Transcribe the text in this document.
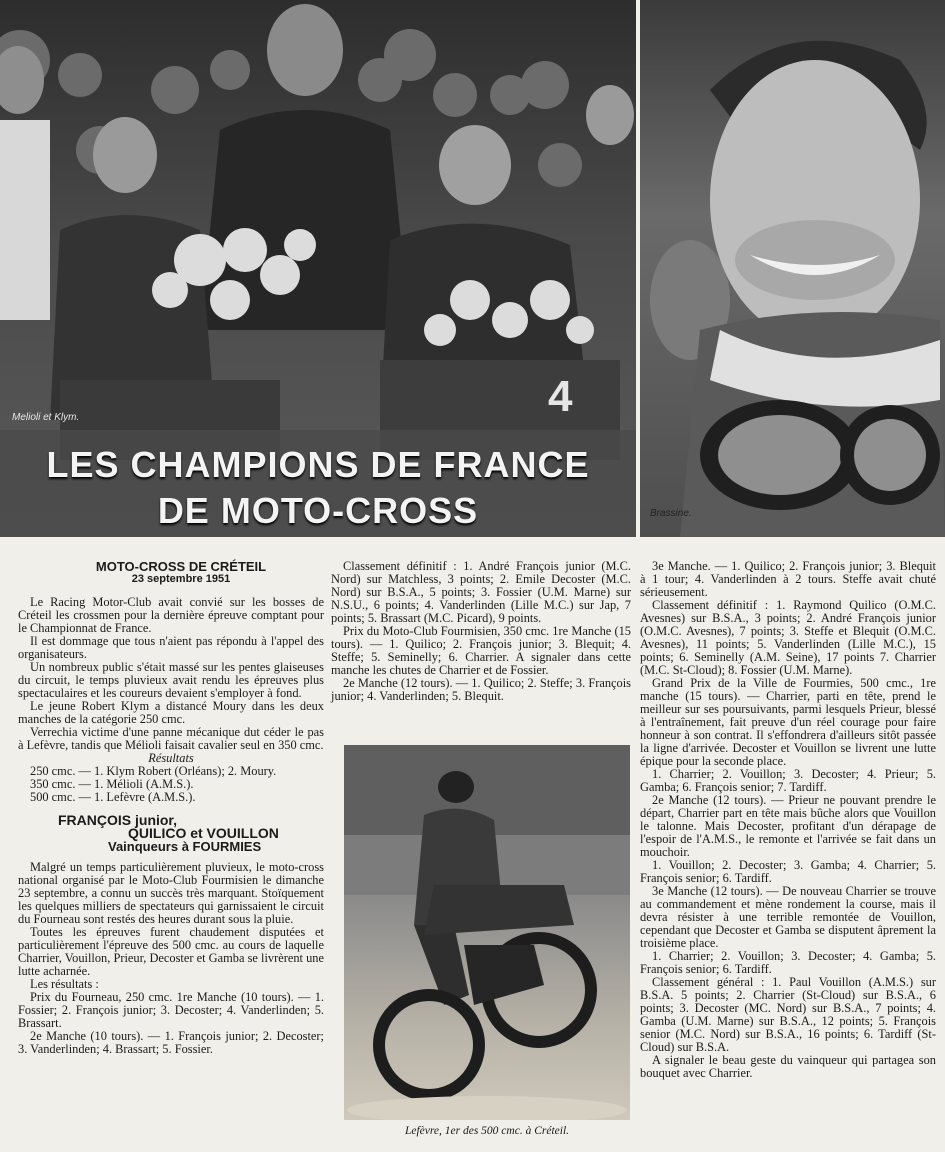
Melioli et Klym.	4
LES CHAMPIONS DE FRANCE
DE MOTO-CROSS	Brassine.
MOTO-CROSS DE CRÉTEIL
23 septembre 1951

Le Racing Motor-Club avait convié sur les bosses de Créteil les crossmen pour la dernière épreuve comptant pour le Championnat de France.

Il est dommage que tous n'aient pas répondu à l'appel des organisateurs.

Un nombreux public s'était massé sur les pentes glaiseuses du circuit, le temps pluvieux avait rendu les épreuves plus spectaculaires et les coureurs devaient s'employer à fond.

Le jeune Robert Klym a distancé Moury dans les deux manches de la catégorie 250 cmc.

Verrechia victime d'une panne mécanique dut céder le pas à Lefèvre, tandis que Mélioli faisait cavalier seul en 350 cmc.

Résultats

250 cmc. — 1. Klym Robert (Orléans); 2. Moury.

350 cmc. — 1. Mélioli (A.M.S.).

500 cmc. — 1. Lefèvre (A.M.S.).

FRANÇOIS junior,
QUILICO et VOUILLON
Vainqueurs à FOURMIES

Malgré un temps particulièrement pluvieux, le moto-cross national organisé par le Moto-Club Fourmisien le dimanche 23 septembre, a connu un succès très marquant. Stoïquement les quelques milliers de spectateurs qui garnissaient le circuit du Fourneau sont restés des heures durant sous la pluie.

Toutes les épreuves furent chaudement disputées et particulièrement l'épreuve des 500 cmc. au cours de laquelle Charrier, Vouillon, Prieur, Decoster et Gamba se livrèrent une lutte acharnée.

Les résultats :

Prix du Fourneau, 250 cmc. 1re Manche (10 tours). — 1. Fossier; 2. François junior; 3. Decoster; 4. Vanderlinden; 5. Brassart.

2e Manche (10 tours). — 1. François junior; 2. Decoster; 3. Vanderlinden; 4. Brassart; 5. Fossier.

Classement définitif : 1. André François junior (M.C. Nord) sur Matchless, 3 points; 2. Emile Decoster (M.C. Nord) sur B.S.A., 5 points; 3. Fossier (U.M. Marne) sur N.S.U., 6 points; 4. Vanderlinden (Lille M.C.) sur Jap, 7 points; 5. Brassart (M.C. Picard), 9 points.

Prix du Moto-Club Fourmisien, 350 cmc. 1re Manche (15 tours). — 1. Quilico; 2. François junior; 3. Blequit; 4. Steffe; 5. Seminelly; 6. Charrier. A signaler dans cette manche les chutes de Charrier et de Fossier.

2e Manche (12 tours). — 1. Quilico; 2. Steffe; 3. François junior; 4. Vanderlinden; 5. Blequit.

Lefèvre, 1er des 500 cmc. à Créteil.

3e Manche. — 1. Quilico; 2. François junior; 3. Blequit à 1 tour; 4. Vanderlinden à 2 tours. Steffe avait chuté sérieusement.

Classement définitif : 1. Raymond Quilico (O.M.C. Avesnes) sur B.S.A., 3 points; 2. André François junior (O.M.C. Avesnes), 7 points; 3. Steffe et Blequit (O.M.C. Avesnes), 11 points; 5. Vanderlinden (Lille M.C.), 15 points; 6. Seminelly (A.M. Seine), 17 points 7. Charrier (M.C. St-Cloud); 8. Fossier (U.M. Marne).

Grand Prix de la Ville de Fourmies, 500 cmc., 1re manche (15 tours). — Charrier, parti en tête, prend le meilleur sur ses poursuivants, parmi lesquels Prieur, blessé à l'entraînement, fait preuve d'un réel courage pour faire honneur à son contrat. Il s'effondrera d'ailleurs sitôt passée la ligne d'arrivée. Decoster et Vouillon se livrent une lutte épique pour la seconde place.

1. Charrier; 2. Vouillon; 3. Decoster; 4. Prieur; 5. Gamba; 6. François senior; 7. Tardiff.

2e Manche (12 tours). — Prieur ne pouvant prendre le départ, Charrier part en tête mais bûche alors que Vouillon le talonne. Mais Decoster, profitant d'un dérapage de l'espoir de l'A.M.S., le remonte et l'arrivée se fait dans un mouchoir.

1. Vouillon; 2. Decoster; 3. Gamba; 4. Charrier; 5. François senior; 6. Tardiff.

3e Manche (12 tours). — De nouveau Charrier se trouve au commandement et mène rondement la course, mais il devra résister à une terrible remontée de Vouillon, cependant que Decoster et Gamba se disputent âprement la troisième place.

1. Charrier; 2. Vouillon; 3. Decoster; 4. Gamba; 5. François senior; 6. Tardiff.

Classement général : 1. Paul Vouillon (A.M.S.) sur B.S.A. 5 points; 2. Charrier (St-Cloud) sur B.S.A., 6 points; 3. Decoster (MC. Nord) sur B.S.A., 7 points; 4. Gamba (U.M. Marne) sur B.S.A., 12 points; 5. François senior (M.C. Nord) sur B.S.A., 16 points; 6. Tardiff (St-Cloud) sur B.S.A.

A signaler le beau geste du vainqueur qui partagea son bouquet avec Charrier.
